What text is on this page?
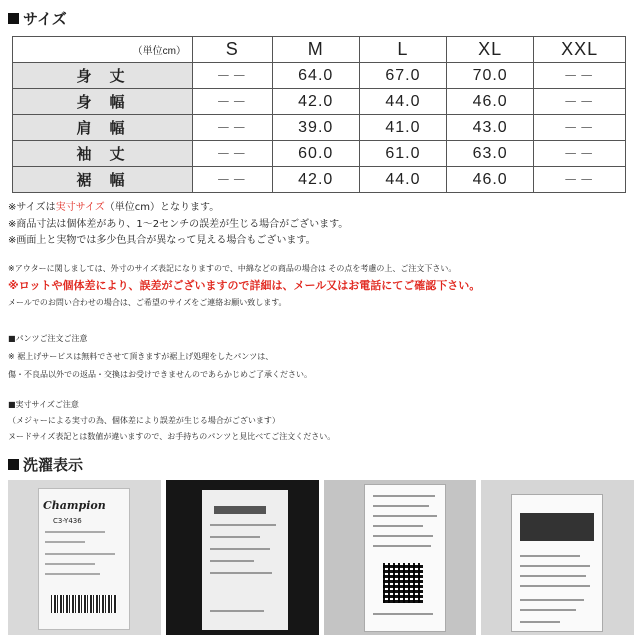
サイズ
（単位cm）	S	M	L	XL	XXL
身丈	－－	64.0	67.0	70.0	－－
身幅	－－	42.0	44.0	46.0	－－
肩幅	－－	39.0	41.0	43.0	－－
袖丈	－－	60.0	61.0	63.0	－－
裾幅	－－	42.0	44.0	46.0	－－
※サイズは実寸サイズ（単位cm）となります。
※商品寸法は個体差があり、1～2センチの誤差が生じる場合がございます。
※画面上と実物では多少色具合が異なって見える場合もございます。
※アウターに関しましては、外寸のサイズ表記になりますので、中綿などの商品の場合は その点を考慮の上、ご注文下さい。
※ロットや個体差により、誤差がございますので詳細は、メール又はお電話にてご確認下さい。
メールでのお問い合わせの場合は、ご希望のサイズをご連絡お願い致します。
■パンツご注文ご注意
※ 裾上げサービスは無料でさせて頂きますが裾上げ処理をしたパンツは、
傷・不良品以外での返品・交換はお受けできませんのであらかじめご了承ください。
■実寸サイズご注意
（メジャーによる実寸の為、個体差により誤差が生じる場合がございます）
ヌードサイズ表記とは数値が違いますので、お手持ちのパンツと見比べてご注文ください。
洗濯表示
Champion
C3-Y436
